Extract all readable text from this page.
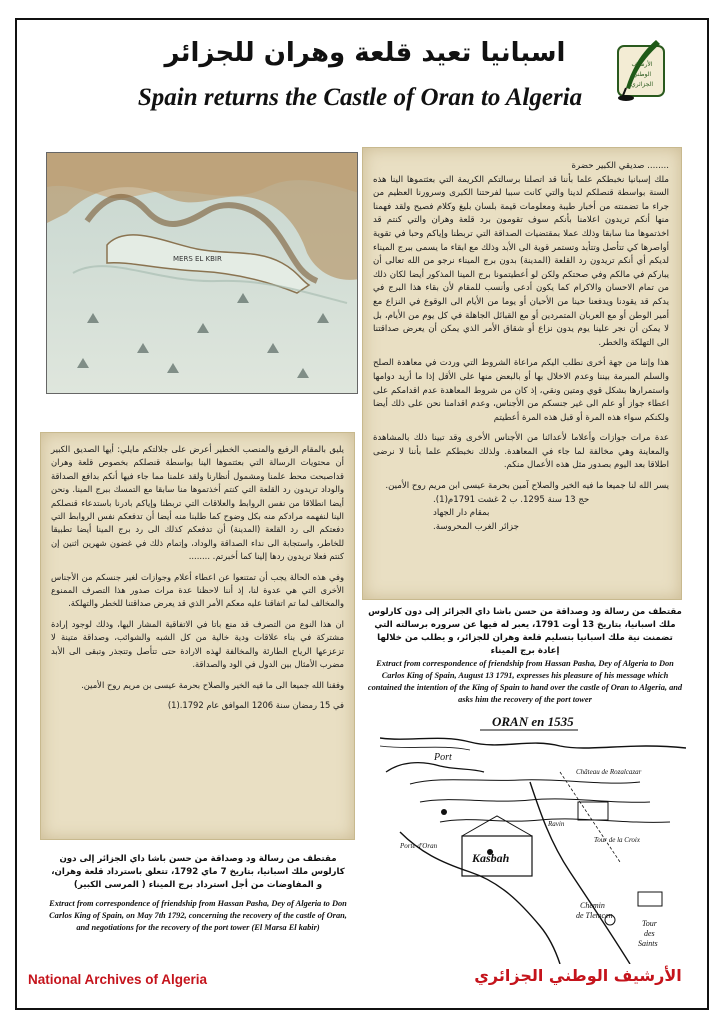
الأرشيف
الوطني
الجزائري
اسبانيا تعيد قلعة وهران للجزائر
Spain returns the Castle of Oran to Algeria
MERS EL KBIR

........ صديقي الكبير حضرة

ملك إسبانيا نخبطكم علما بأننا قد اتصلنا برسالتكم الكريمة التي بعثتموها الينا هذه السنة بواسطة قنصلكم لدينا والتي كانت سببا لفرحتنا الكبرى وسرورنا العظيم من جراء ما تضمنته من أخبار طيبة ومعلومات قيمة بلسان بليغ وكلام فصيح ولقد فهمنا منها أنكم تريدون اعلامنا بأنكم سوف تقومون برد قلعة وهران والتي كنتم قد اخذتموها منا سابقا وذلك عملا بمقتضيات الصداقة التي تربطنا وإياكم وحبا في تقوية أواصرها كي تتأصل وتتأبد وتستمر قوية الى الأبد وذلك مع ابقاء ما يسمى ببرج الميناء لديكم أي أنكم تريدون رد القلعة (المدينة) بدون برج الميناء نرجو من الله تعالى أن يباركم في مالكم وفي صحتكم ولكن لو أعطيتمونا برج المينا المذكور أيضا لكان ذلك من تمام الاحسان والاكرام كما يكون أدعى وأنسب للمقام لأن بقاء هذا البرج في يدكم قد يقودنا ويدفعنا حينا من الأحيان أو يوما من الأيام الى الوقوع في النزاع مع أمير الوطن أو مع العربان المتمردين أو مع القبائل الجاهلة في كل يوم من الأيام، بل لا يمكن أن نجر علينا يوم يدون نزاع أو شقاق الأمر الذي يمكن أن يعرض صداقتنا الى التهلكة والخطر.

هذا وإننا من جهة أخرى نطلب اليكم مراعاة الشروط التي وردت في معاهدة الصلح والسلم المبرمة بيننا وعدم الاخلال بها أو بالبعض منها على الأقل إذا ما أريد دوامها واستمرارها بشكل قوي ومتين ونقي، إذ كان من شروط المعاهدة عدم اقدامكم على اعطاء جواز أو علم الى غير جنسكم من الأجناس، وعدم اقدامنا نحن على ذلك أيضا ولكنكم سواء هذه المرة أو قبل هذه المرة أعطيتم

عدة مرات جوازات وأعلاما لأعدائنا من الأجناس الأخرى وقد تبينا ذلك بالمشاهدة والمعاينة وهي مخالفة لما جاء في المعاهدة. ولذلك نخبطكم علما بأننا لا نرضى اطلاقا بعد اليوم بصدور مثل هذه الأعمال منكم.

يسر الله لنا جميعا ما فيه الخير والصلاح آمين بحرمة عيسى ابن مريم روح الأمين.

حج 13 سنة 1295. ب 2 غشت 1791م(1).

بمقام دار الجهاد

جزائر الغرب المحروسة.

يليق بالمقام الرفيع والمنصب الخطير أعرض على جلالتكم مايلي: أيها الصديق الكبير أن محتويات الرسالة التي بعثتموها الينا بواسطة قنصلكم بخصوص قلعة وهران قداصبحت محط علمنا ومشمول أنظارنا ولقد علمنا مما جاء فيها أنكم بدافع الصداقة والوداد تريدون رد القلعة التي كنتم أخذتموها منا سابقا مع التمسك ببرج المينا. ونحن أيضا انطلاقا من نفس الروابط والعلاقات التي تربطنا وإياكم بادرنا باستدعاء قنصلكم الينا لنفهمه مرادكم منه بكل وضوح كما طلبنا منه أيضا أن تدفعكم نفس الروابط التي دفعتكم الى رد القلعة (المدينة) أن تدفعكم كذلك الى رد برج المينا أيضا تطبيقا للخاطر، واستجابة الى نداء الصداقة والوداد، وإتمام ذلك في غضون شهرين اثنين إن كنتم فعلا تريدون ردها إلينا كما أخبرتم. ........

وفي هذه الحالة يجب أن تمتنعوا عن اعطاء أعلام وجوازات لغير جنسكم من الأجناس الأخرى التي هي عدوة لنا، إذ أننا لاحظنا عدة مرات صدور هذا التصرف الممنوع والمخالف لما تم اتفاقنا عليه معكم الأمر الذي قد يعرض صداقتنا للخطر والتهلكة.

ان هذا النوع من التصرف قد منع باتا في الاتفاقية المشار اليها، وذلك لوجود إرادة مشتركة في بناء علاقات ودية خالية من كل الشبه والشوائب، وصداقة متينة لا تزعزعها الرياح الطارئة والمخالفة لهذه الارادة حتى تتأصل وتتجذر وتبقى الى الأبد مضرب الأمثال بين الدول في الود والصداقة.

وفقنا الله جميعا الى ما فيه الخير والصلاح بحرمة عيسى بن مريم روح الأمين.

في 15 رمضان سنة 1206 الموافق عام 1792.(1)

مقتطف من رسالة ود وصداقة من حسن باشا داي الجزائر إلى دون كارلوس ملك اسبانيا، بتاريخ 13 أوت 1791، يعبر له فيها عن سروره برسالته التي تضمنت نية ملك اسبانيا بتسليم قلعة وهران للجزائر، و يطلب من خلالها إعادة برج الميناء
Extract from correspondence of friendship from Hassan Pasha, Dey of Algeria to Don Carlos King of Spain, August 13 1791, expresses his pleasure of his message which contained the intention of the King of Spain to hand over the castle of Oran to Algeria, and asks him the recovery of the port tower
مقتطف من رسالة ود وصداقة من حسن باشا داي الجزائر إلى دون كارلوس ملك اسبانيا، بتاريخ 7 ماي 1792، تتعلق باسترداد قلعة وهران، و المفاوضات من أجل استرداد برج الميناء ( المرسى الكبير)
Extract from correspondence of friendship from Hassan Pasha, Dey of Algeria to Don Carlos King of Spain, on May 7th 1792, concerning the recovery of the castle of Oran, and negotiations for the recovery of the port tower (El Marsa El kabir)
ORAN en 1535
Port
Kasbah
Chemin
de Tlemcen
Tour
des
Saints
Ravin
Château de Rozalcazar
Porte d'Oran
Tour de la Croix
National Archives of Algeria	الأرشيف الوطني الجزائري
